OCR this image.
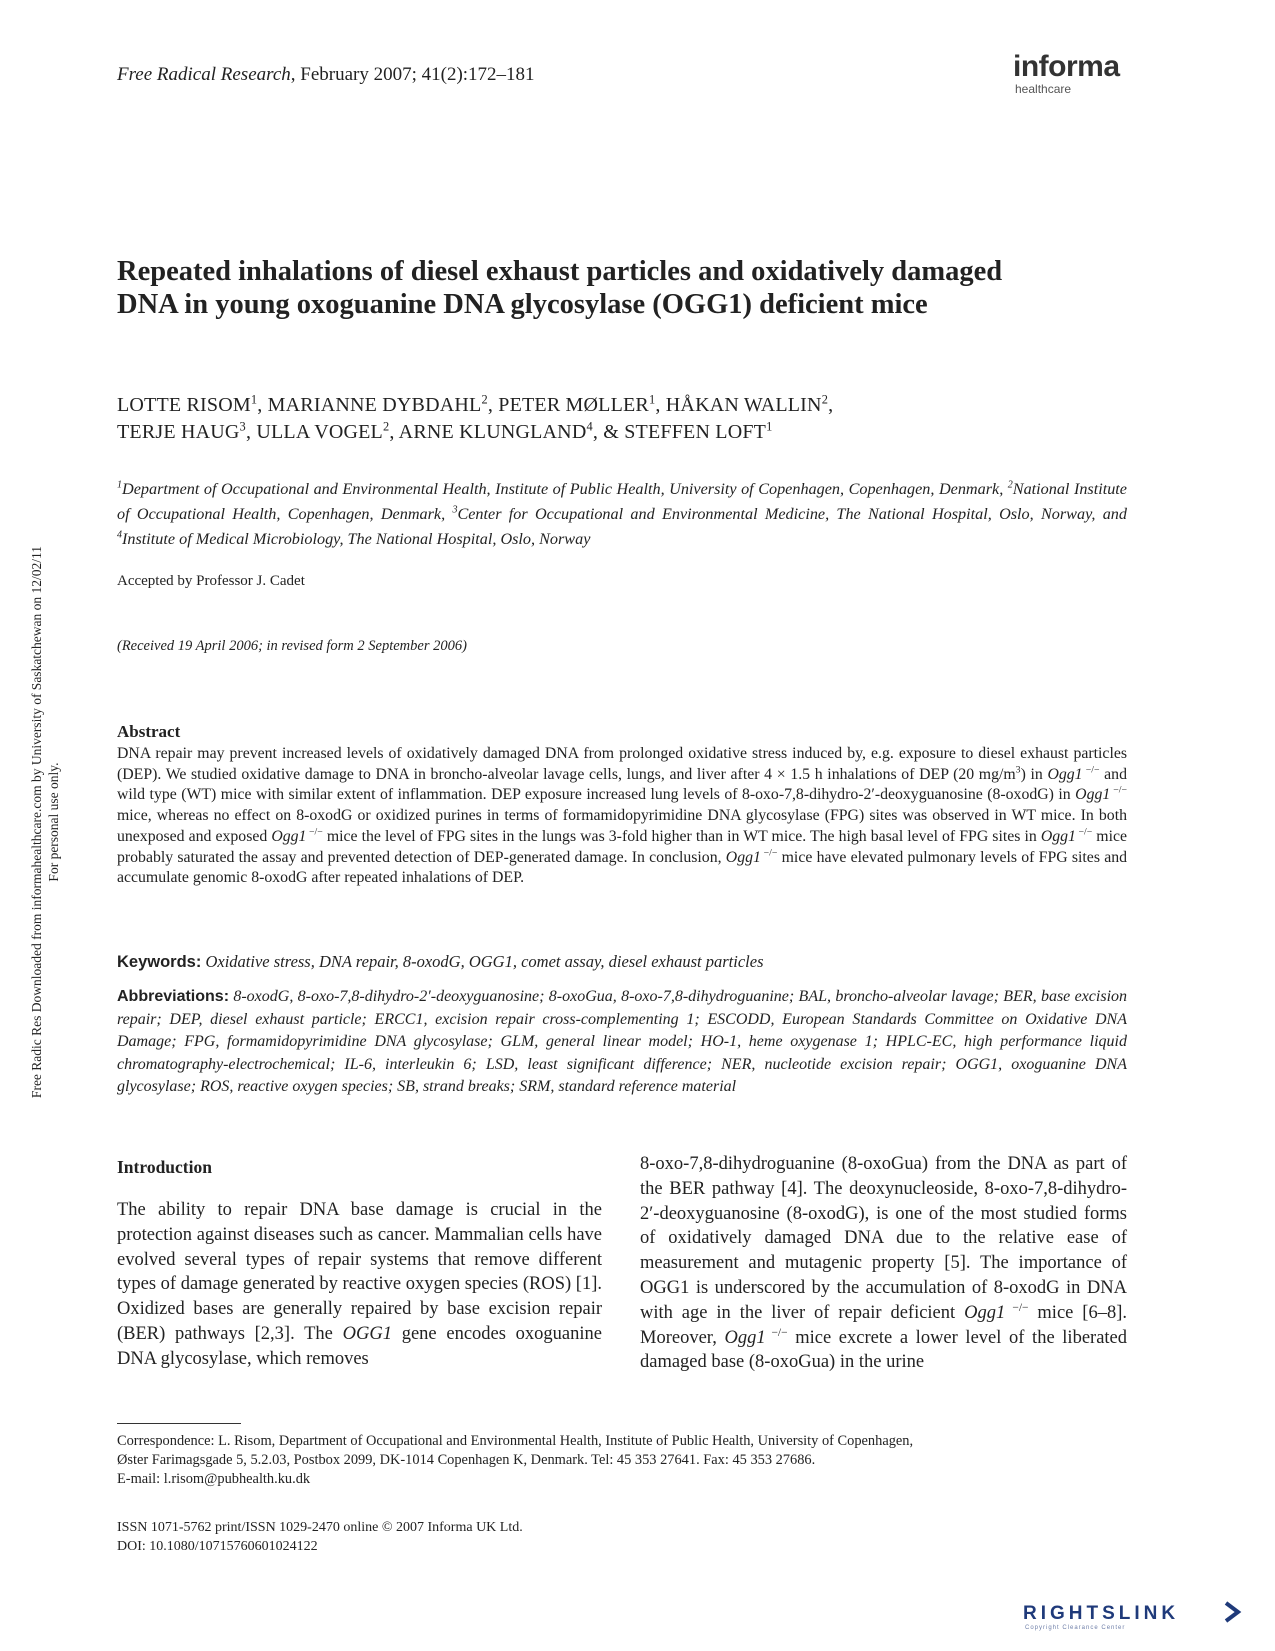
Free Radical Research, February 2007; 41(2):172–181	informa
healthcare
Repeated inhalations of diesel exhaust particles and oxidatively damaged
DNA in young oxoguanine DNA glycosylase (OGG1) deficient mice
LOTTE RISOM$^1$, MARIANNE DYBDAHL$^2$, PETER MØLLER$^1$, HÅKAN WALLIN$^2$,
TERJE HAUG$^3$, ULLA VOGEL$^2$, ARNE KLUNGLAND$^4$, & STEFFEN LOFT$^1$
$^1$Department of Occupational and Environmental Health, Institute of Public Health, University of Copenhagen, Copenhagen, Denmark, $^2$National Institute of Occupational Health, Copenhagen, Denmark, $^3$Center for Occupational and Environmental Medicine, The National Hospital, Oslo, Norway, and $^4$Institute of Medical Microbiology, The National Hospital, Oslo, Norway
Accepted by Professor J. Cadet
(Received 19 April 2006; in revised form 2 September 2006)
Abstract
DNA repair may prevent increased levels of oxidatively damaged DNA from prolonged oxidative stress induced by, e.g. exposure to diesel exhaust particles (DEP). We studied oxidative damage to DNA in broncho-alveolar lavage cells, lungs, and liver after 4 × 1.5 h inhalations of DEP (20 $mg/m^3$) in Ogg1 −/− and wild type (WT) mice with similar extent of inflammation. DEP exposure increased lung levels of 8-oxo-7,8-dihydro-2′-deoxyguanosine (8-oxodG) in Ogg1 −/− mice, whereas no effect on 8-oxodG or oxidized purines in terms of formamidopyrimidine DNA glycosylase (FPG) sites was observed in WT mice. In both unexposed and exposed Ogg1 −/− mice the level of FPG sites in the lungs was 3-fold higher than in WT mice. The high basal level of FPG sites in Ogg1 −/− mice probably saturated the assay and prevented detection of DEP-generated damage. In conclusion, Ogg1 −/− mice have elevated pulmonary levels of FPG sites and accumulate genomic 8-oxodG after repeated inhalations of DEP.
Keywords: Oxidative stress, DNA repair, 8-oxodG, OGG1, comet assay, diesel exhaust particles
Abbreviations: 8-oxodG, 8-oxo-7,8-dihydro-2′-deoxyguanosine; 8-oxoGua, 8-oxo-7,8-dihydroguanine; BAL, broncho-alveolar lavage; BER, base excision repair; DEP, diesel exhaust particle; ERCC1, excision repair cross-complementing 1; ESCODD, European Standards Committee on Oxidative DNA Damage; FPG, formamidopyrimidine DNA glycosylase; GLM, general linear model; HO-1, heme oxygenase 1; HPLC-EC, high performance liquid chromatography-electrochemical; IL-6, interleukin 6; LSD, least significant difference; NER, nucleotide excision repair; OGG1, oxoguanine DNA glycosylase; ROS, reactive oxygen species; SB, strand breaks; SRM, standard reference material
Introduction
The ability to repair DNA base damage is crucial in the protection against diseases such as cancer. Mammalian cells have evolved several types of repair systems that remove different types of damage generated by reactive oxygen species (ROS) [1]. Oxidized bases are generally repaired by base excision repair (BER) pathways [2,3]. The OGG1 gene encodes oxoguanine DNA glycosylase, which removes
8-oxo-7,8-dihydroguanine (8-oxoGua) from the DNA as part of the BER pathway [4]. The deoxynucleoside, 8-oxo-7,8-dihydro-2′-deoxyguanosine (8-oxodG), is one of the most studied forms of oxidatively damaged DNA due to the relative ease of measurement and mutagenic property [5]. The importance of OGG1 is underscored by the accumulation of 8-oxodG in DNA with age in the liver of repair deficient Ogg1 −/− mice [6–8]. Moreover, Ogg1 −/− mice excrete a lower level of the liberated damaged base (8-oxoGua) in the urine
Correspondence: L. Risom, Department of Occupational and Environmental Health, Institute of Public Health, University of Copenhagen,
Øster Farimagsgade 5, 5.2.03, Postbox 2099, DK-1014 Copenhagen K, Denmark. Tel: 45 353 27641. Fax: 45 353 27686.
E-mail: l.risom@pubhealth.ku.dk
ISSN 1071-5762 print/ISSN 1029-2470 online © 2007 Informa UK Ltd.
DOI: 10.1080/10715760601024122
Free Radic Res Downloaded from informahealthcare.com by University of Saskatchewan on 12/02/11 For personal use only.
RIGHTSLINK
Copyright Clearance Center
